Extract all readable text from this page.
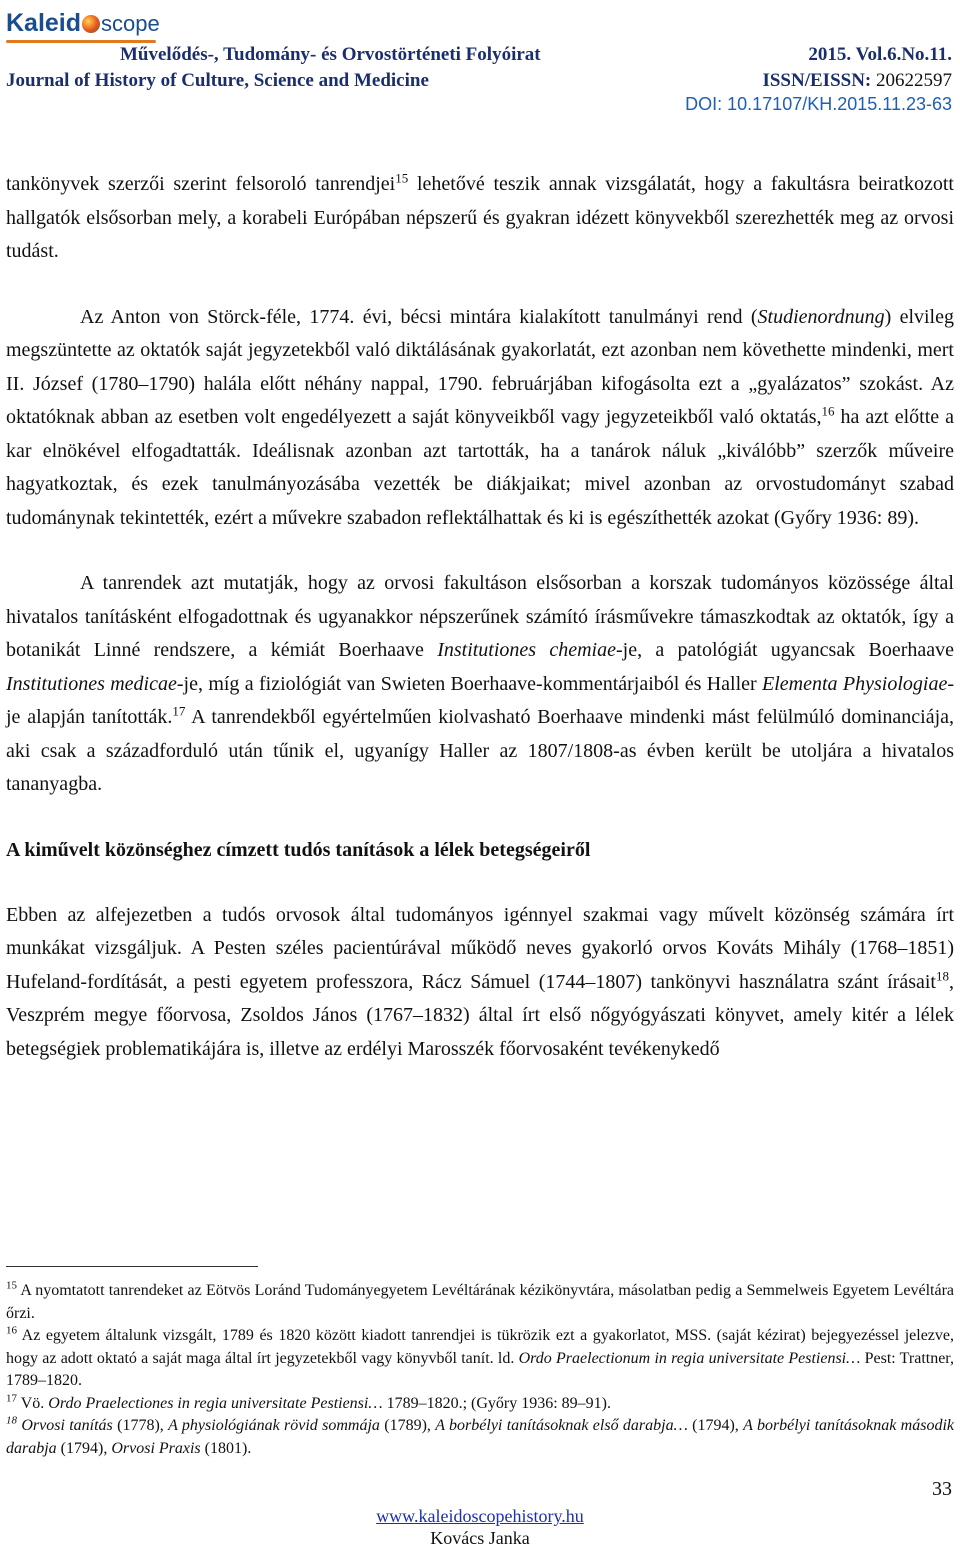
Kaleid scope
Művelődés-, Tudomány- és Orvostörténeti Folyóirat
Journal of History of Culture, Science and Medicine
2015. Vol.6.No.11.
ISSN/EISSN: 20622597
DOI: 10.17107/KH.2015.11.23-63

tankönyvek szerzői szerint felsoroló tanrendjei$^{15}$ lehetővé teszik annak vizsgálatát, hogy a fakultásra beiratkozott hallgatók elsősorban mely, a korabeli Európában népszerű és gyakran idézett könyvekből szerezhették meg az orvosi tudást.

Az Anton von Störck-féle, 1774. évi, bécsi mintára kialakított tanulmányi rend (Studienordnung) elvileg megszüntette az oktatók saját jegyzetekből való diktálásának gyakorlatát, ezt azonban nem követhette mindenki, mert II. József (1780–1790) halála előtt néhány nappal, 1790. februárjában kifogásolta ezt a „gyalázatos” szokást. Az oktatóknak abban az esetben volt engedélyezett a saját könyveikből vagy jegyzeteikből való oktatás,$^{16}$ ha azt előtte a kar elnökével elfogadtatták. Ideálisnak azonban azt tartották, ha a tanárok náluk „kiválóbb” szerzők műveire hagyatkoztak, és ezek tanulmányozásába vezették be diákjaikat; mivel azonban az orvostudományt szabad tudománynak tekintették, ezért a művekre szabadon reflektálhattak és ki is egészíthették azokat (Győry 1936: 89).

A tanrendek azt mutatják, hogy az orvosi fakultáson elsősorban a korszak tudományos közössége által hivatalos tanításként elfogadottnak és ugyanakkor népszerűnek számító írásművekre támaszkodtak az oktatók, így a botanikát Linné rendszere, a kémiát Boerhaave Institutiones chemiae-je, a patológiát ugyancsak Boerhaave Institutiones medicae-je, míg a fiziológiát van Swieten Boerhaave-kommentárjaiból és Haller Elementa Physiologiae-je alapján tanították.$^{17}$ A tanrendekből egyértelműen kiolvasható Boerhaave mindenki mást felülmúló dominanciája, aki csak a századforduló után tűnik el, ugyanígy Haller az 1807/1808-as évben került be utoljára a hivatalos tananyagba.

A kiművelt közönséghez címzett tudós tanítások a lélek betegségeiről

Ebben az alfejezetben a tudós orvosok által tudományos igénnyel szakmai vagy művelt közönség számára írt munkákat vizsgáljuk. A Pesten széles pacientúrával működő neves gyakorló orvos Kováts Mihály (1768–1851) Hufeland-fordítását, a pesti egyetem professzora, Rácz Sámuel (1744–1807) tankönyvi használatra szánt írásait$^{18}$, Veszprém megye főorvosa, Zsoldos János (1767–1832) által írt első nőgyógyászati könyvet, amely kitér a lélek betegségiek problematikájára is, illetve az erdélyi Marosszék főorvosaként tevékenykedő

$^{15}$ A nyomtatott tanrendeket az Eötvös Loránd Tudományegyetem Levéltárának kézikönyvtára, másolatban pedig a Semmelweis Egyetem Levéltára őrzi.

$^{16}$ Az egyetem általunk vizsgált, 1789 és 1820 között kiadott tanrendjei is tükrözik ezt a gyakorlatot, MSS. (saját kézirat) bejegyezéssel jelezve, hogy az adott oktató a saját maga által írt jegyzetekből vagy könyvből tanít. ld. Ordo Praelectionum in regia universitate Pestiensi… Pest: Trattner, 1789–1820.

$^{17}$ Vö. Ordo Praelectiones in regia universitate Pestiensi… 1789–1820.; (Győry 1936: 89–91).

$^{18}$ Orvosi tanítás (1778), A physiológiának rövid sommája (1789), A borbélyi tanításoknak első darabja… (1794), A borbélyi tanításoknak második darabja (1794), Orvosi Praxis (1801).

33
www.kaleidoscopehistory.hu
Kovács Janka
